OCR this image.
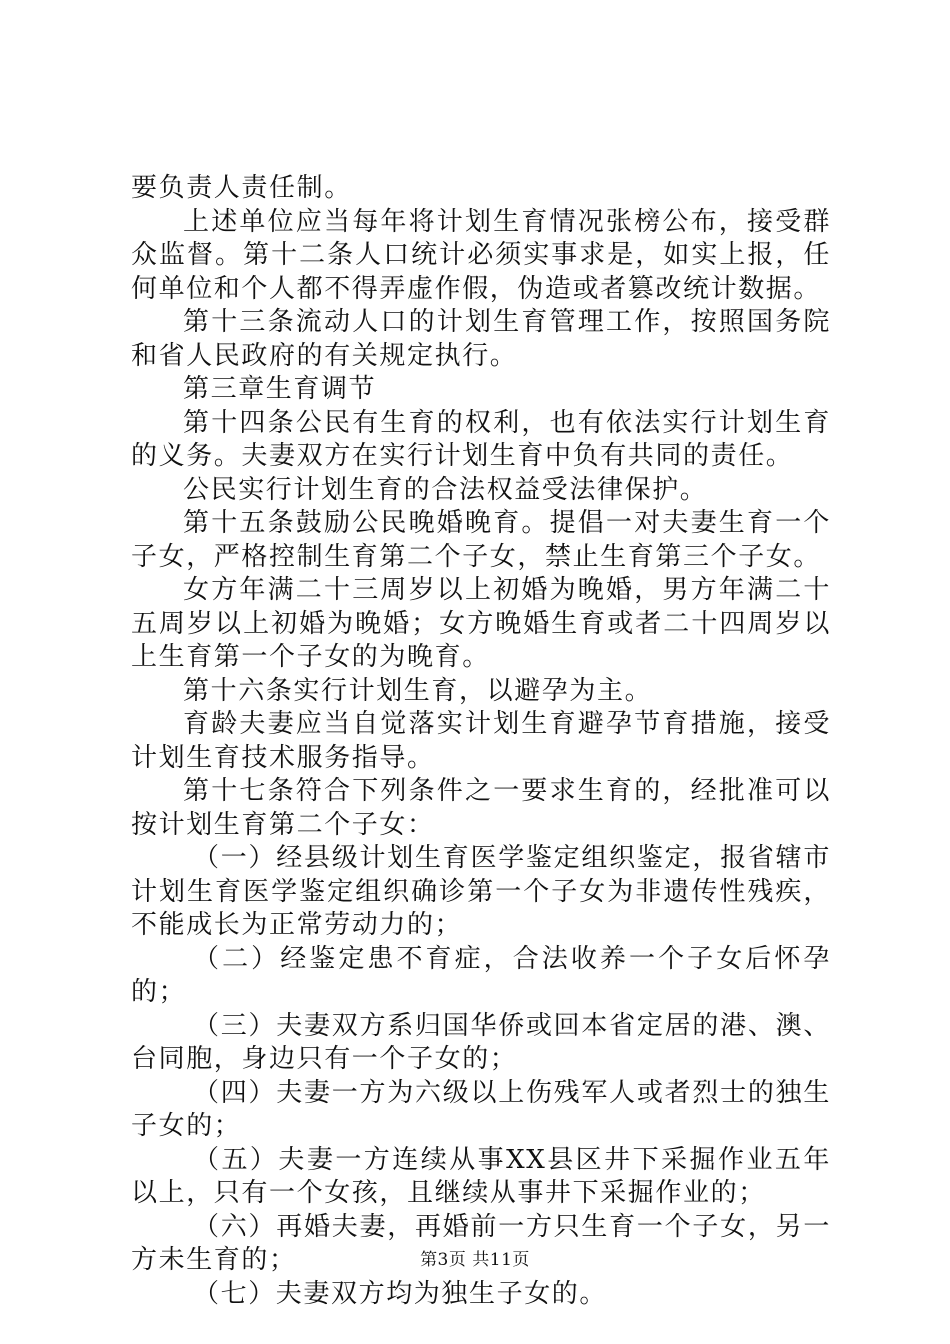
要负责人责任制。

上述单位应当每年将计划生育情况张榜公布，接受群众监督。第十二条人口统计必须实事求是，如实上报，任何单位和个人都不得弄虚作假，伪造或者篡改统计数据。

第十三条流动人口的计划生育管理工作，按照国务院和省人民政府的有关规定执行。

第三章生育调节

第十四条公民有生育的权利，也有依法实行计划生育的义务。夫妻双方在实行计划生育中负有共同的责任。

公民实行计划生育的合法权益受法律保护。

第十五条鼓励公民晚婚晚育。提倡一对夫妻生育一个子女，严格控制生育第二个子女，禁止生育第三个子女。

女方年满二十三周岁以上初婚为晚婚，男方年满二十五周岁以上初婚为晚婚；女方晚婚生育或者二十四周岁以上生育第一个子女的为晚育。

第十六条实行计划生育，以避孕为主。

育龄夫妻应当自觉落实计划生育避孕节育措施，接受计划生育技术服务指导。

第十七条符合下列条件之一要求生育的，经批准可以按计划生育第二个子女：

（一）经县级计划生育医学鉴定组织鉴定，报省辖市计划生育医学鉴定组织确诊第一个子女为非遗传性残疾，不能成长为正常劳动力的；

（二）经鉴定患不育症，合法收养一个子女后怀孕的；

（三）夫妻双方系归国华侨或回本省定居的港、澳、台同胞，身边只有一个子女的；

（四）夫妻一方为六级以上伤残军人或者烈士的独生子女的；

（五）夫妻一方连续从事XX县区井下采掘作业五年以上，只有一个女孩，且继续从事井下采掘作业的；

（六）再婚夫妻，再婚前一方只生育一个子女，另一方未生育的；

（七）夫妻双方均为独生子女的。

第3页 共11页
